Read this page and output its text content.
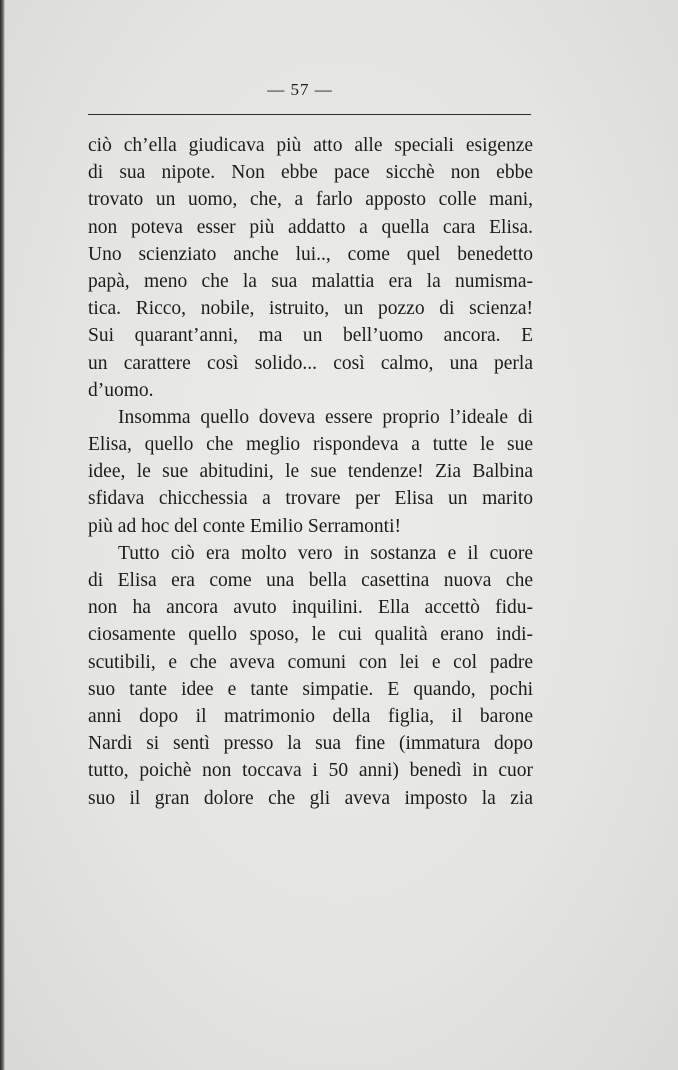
— 57 —
ciò ch’ella giudicava più atto alle speciali esigenze
di sua nipote. Non ebbe pace sicchè non ebbe
trovato un uomo, che, a farlo apposto colle mani,
non poteva esser più addatto a quella cara Elisa.
Uno scienziato anche lui.., come quel benedetto
papà, meno che la sua malattia era la numisma-
tica. Ricco, nobile, istruito, un pozzo di scienza!
Sui quarant’anni, ma un bell’uomo ancora. E
un carattere così solido... così calmo, una perla
d’uomo.
Insomma quello doveva essere proprio l’ideale di
Elisa, quello che meglio rispondeva a tutte le sue
idee, le sue abitudini, le sue tendenze! Zia Balbina
sfidava chicchessia a trovare per Elisa un marito
più ad hoc del conte Emilio Serramonti!
Tutto ciò era molto vero in sostanza e il cuore
di Elisa era come una bella casettina nuova che
non ha ancora avuto inquilini. Ella accettò fidu-
ciosamente quello sposo, le cui qualità erano indi-
scutibili, e che aveva comuni con lei e col padre
suo tante idee e tante simpatie. E quando, pochi
anni dopo il matrimonio della figlia, il barone
Nardi si sentì presso la sua fine (immatura dopo
tutto, poichè non toccava i 50 anni) benedì in cuor
suo il gran dolore che gli aveva imposto la zia
